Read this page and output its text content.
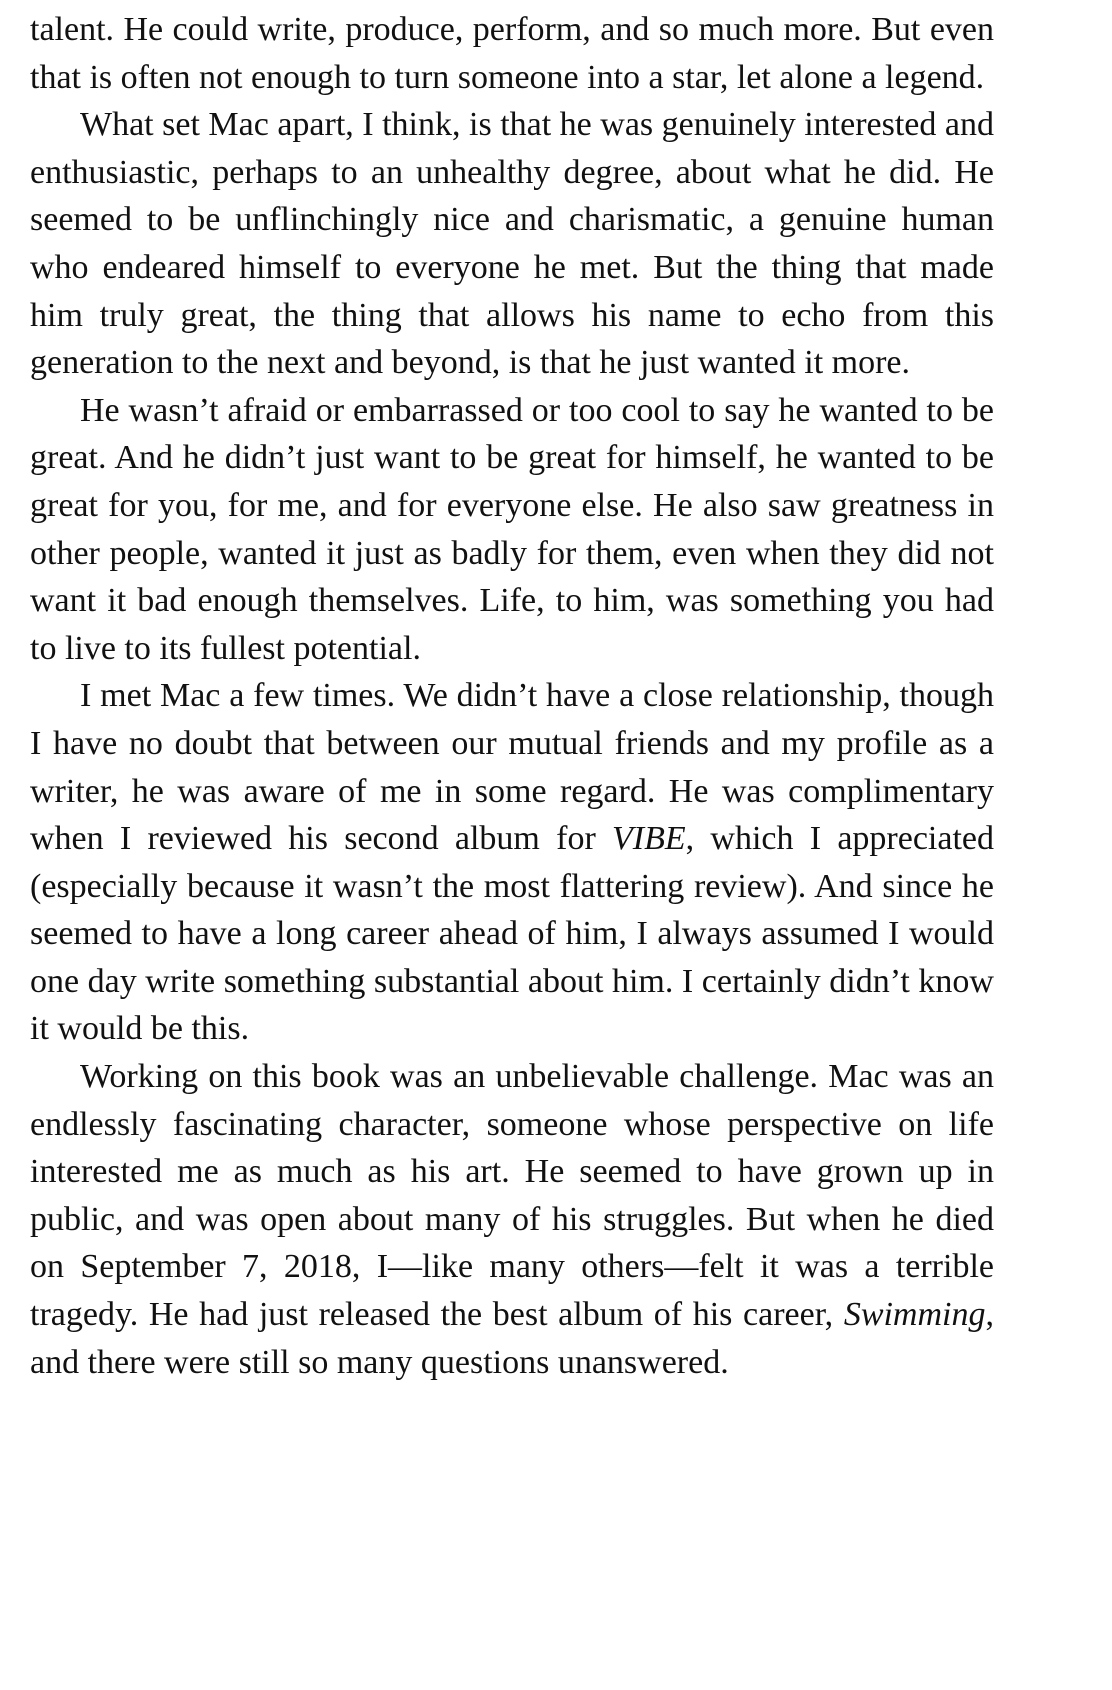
talent. He could write, produce, perform, and so much more. But even that is often not enough to turn someone into a star, let alone a legend.

What set Mac apart, I think, is that he was genuinely interested and enthusiastic, perhaps to an unhealthy degree, about what he did. He seemed to be unflinchingly nice and charismatic, a genuine human who endeared himself to everyone he met. But the thing that made him truly great, the thing that allows his name to echo from this generation to the next and beyond, is that he just wanted it more.

He wasn’t afraid or embarrassed or too cool to say he wanted to be great. And he didn’t just want to be great for himself, he wanted to be great for you, for me, and for everyone else. He also saw greatness in other people, wanted it just as badly for them, even when they did not want it bad enough themselves. Life, to him, was something you had to live to its fullest potential.

I met Mac a few times. We didn’t have a close relationship, though I have no doubt that between our mutual friends and my profile as a writer, he was aware of me in some regard. He was complimentary when I reviewed his second album for VIBE, which I appreciated (especially because it wasn’t the most flattering review). And since he seemed to have a long career ahead of him, I always assumed I would one day write something substantial about him. I certainly didn’t know it would be this.

Working on this book was an unbelievable challenge. Mac was an endlessly fascinating character, someone whose perspective on life interested me as much as his art. He seemed to have grown up in public, and was open about many of his struggles. But when he died on September 7, 2018, I—like many others—felt it was a terrible tragedy. He had just released the best album of his career, Swimming, and there were still so many questions unanswered.
